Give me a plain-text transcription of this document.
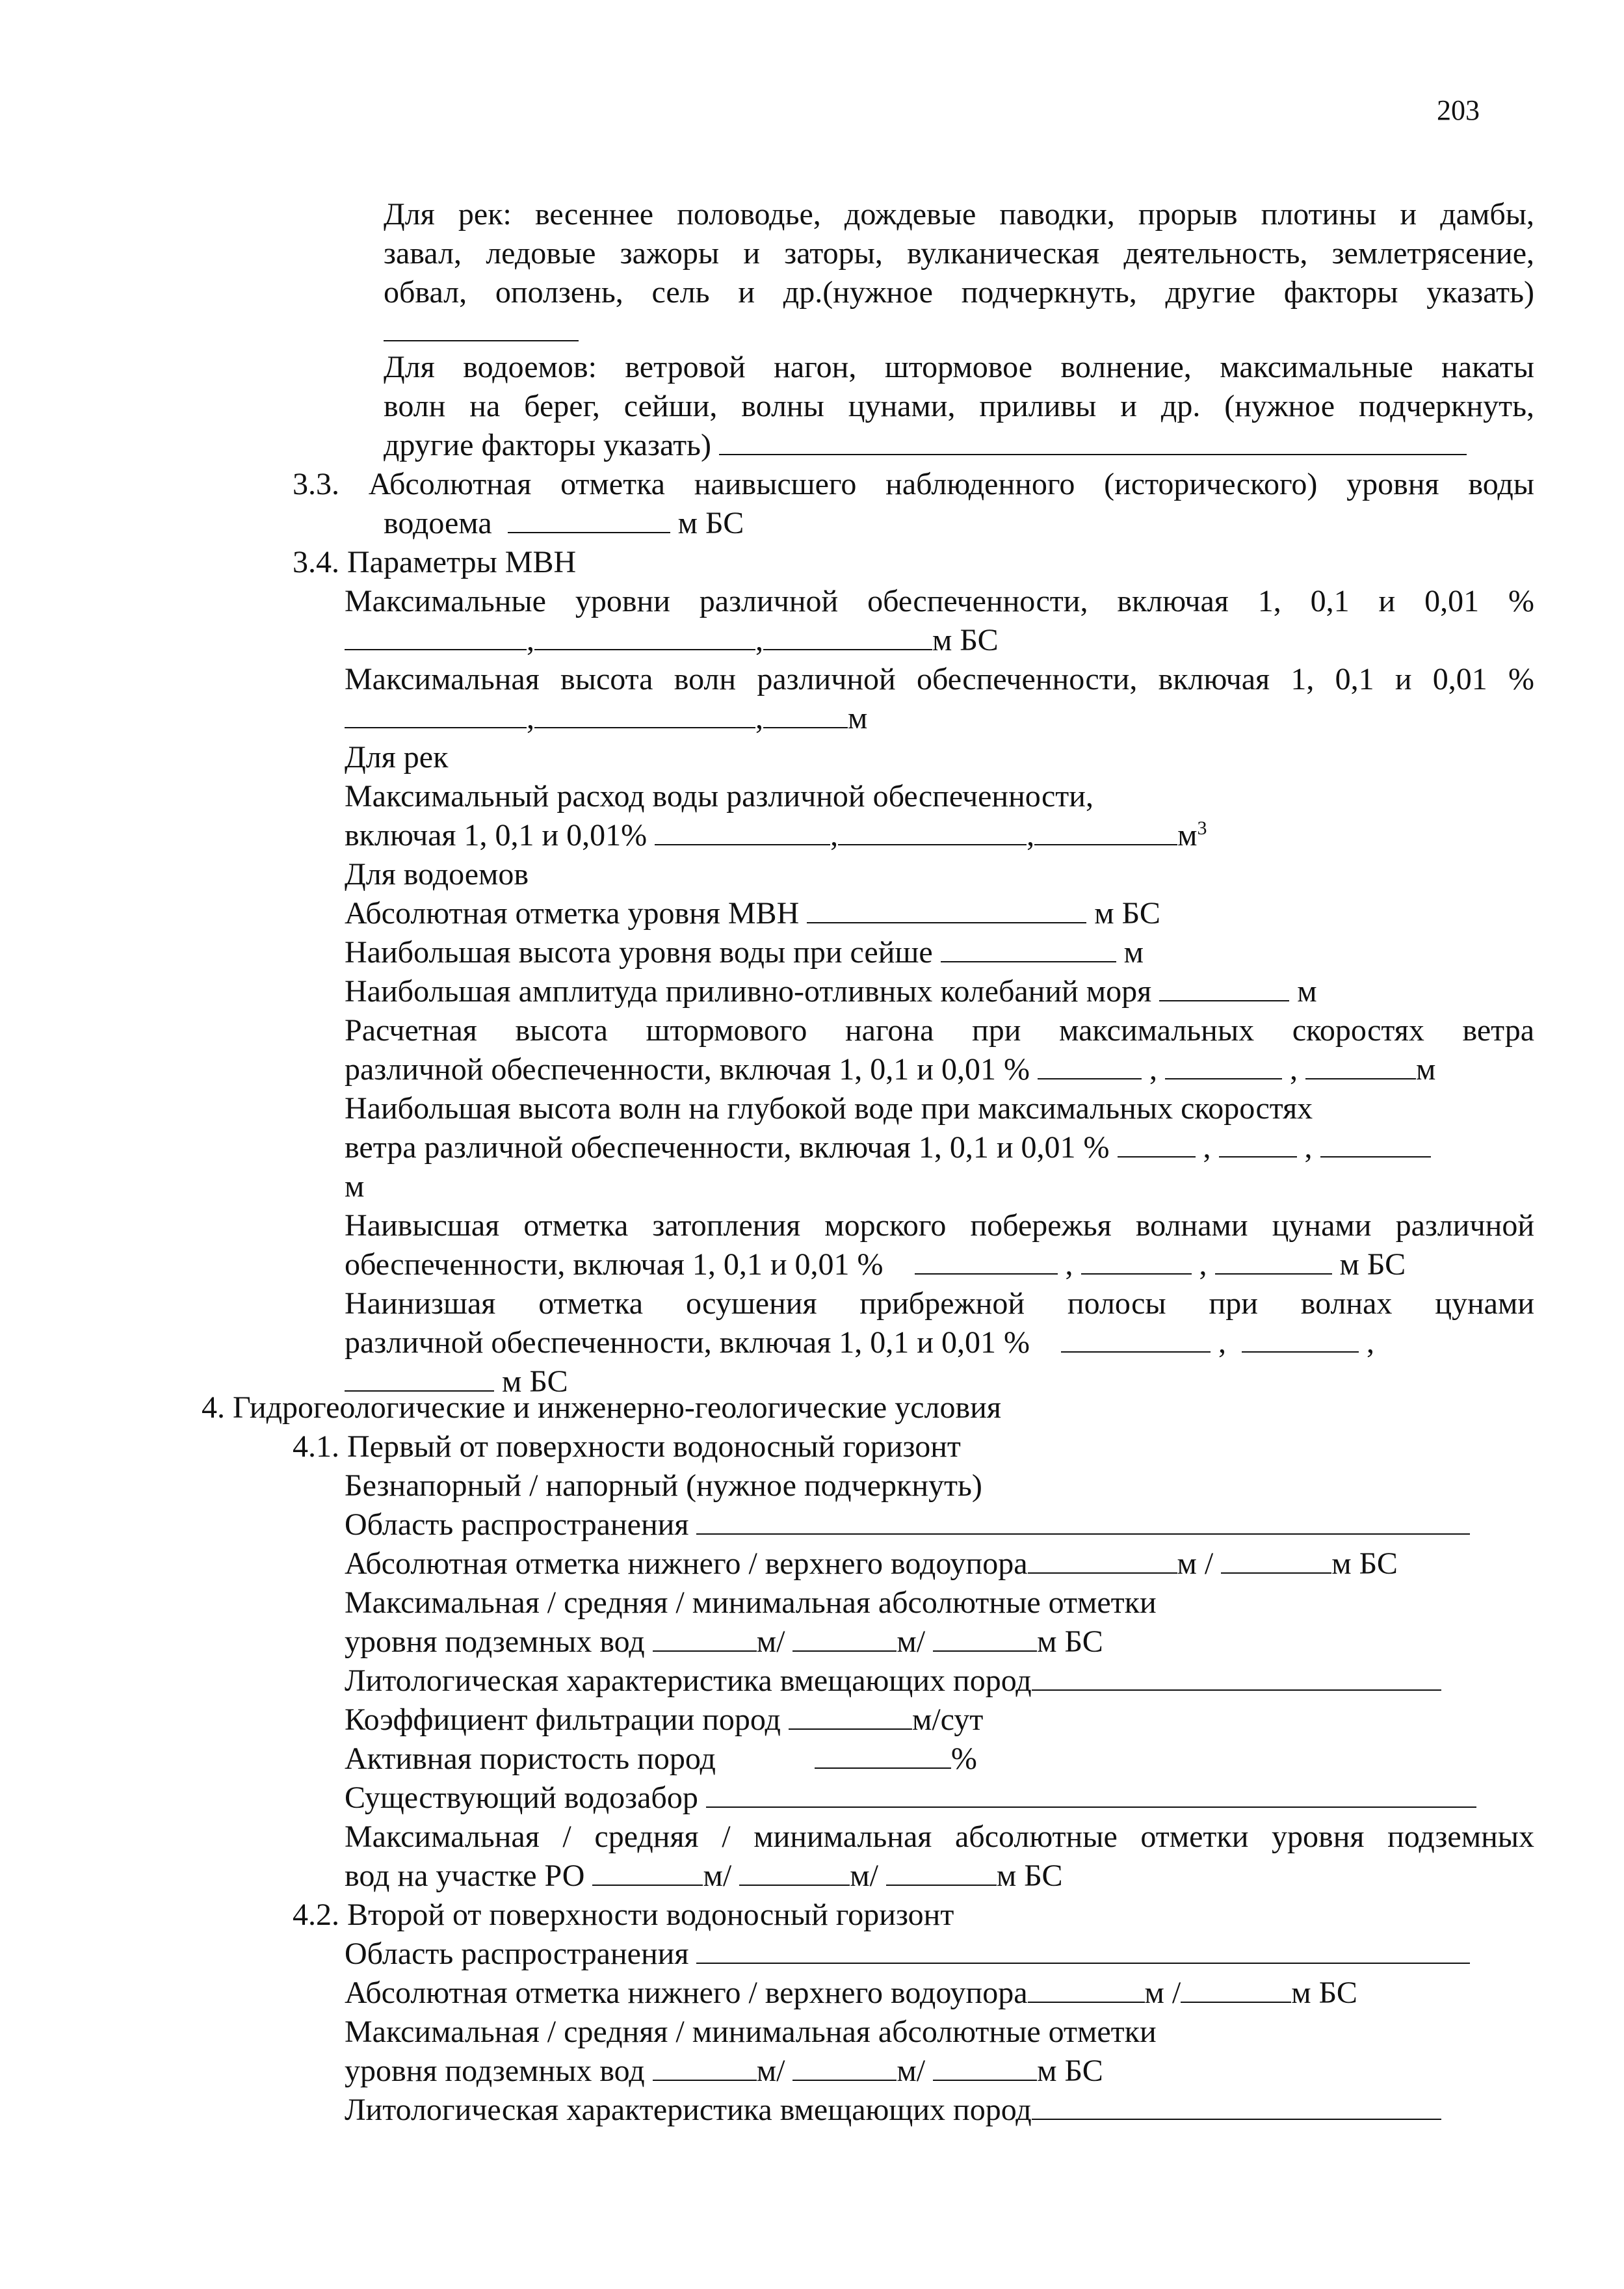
203
Для рек: весеннее половодье, дождевые паводки, прорыв плотины и дамбы,
завал, ледовые зажоры и заторы, вулканическая деятельность, землетрясение,
обвал, оползень, сель и др.(нужное подчеркнуть, другие факторы указать)
Для водоемов: ветровой нагон, штормовое волнение, максимальные накаты
волн на берег, сейши, волны цунами, приливы и др. (нужное подчеркнуть,
другие факторы указать)
3.3. Абсолютная отметка наивысшего наблюденного (исторического) уровня воды
водоема	м БС
3.4. Параметры МВН
Максимальные уровни различной обеспеченности, включая 1, 0,1 и 0,01 %
,	,	м БС
Максимальная высота волн различной обеспеченности, включая 1, 0,1 и 0,01 %
,	,	м
Для рек
Максимальный расход воды различной обеспеченности,
включая 1, 0,1 и 0,01%	,	,	$м^3$
Для водоемов
Абсолютная отметка уровня МВН	м БС
Наибольшая высота уровня воды при сейше	м
Наибольшая амплитуда приливно-отливных колебаний моря	м
Расчетная высота штормового нагона при максимальных скоростях ветра
различной обеспеченности, включая 1, 0,1 и 0,01 %	,	,	м
Наибольшая высота волн на глубокой воде при максимальных скоростях
ветра различной обеспеченности, включая 1, 0,1 и 0,01 %	,	,
м
Наивысшая отметка затопления морского побережья волнами цунами различной
обеспеченности, включая 1, 0,1 и 0,01 %	,	,	м БС
Наинизшая отметка осушения прибрежной полосы при волнах цунами
различной обеспеченности, включая 1, 0,1 и 0,01 %	,	,
м БС
4. Гидрогеологические и инженерно-геологические условия
4.1. Первый от поверхности водоносный горизонт
Безнапорный / напорный (нужное подчеркнуть)
Область распространения
Абсолютная отметка нижнего / верхнего водоупора	м /	м БС
Максимальная / средняя / минимальная абсолютные отметки
уровня подземных вод	м/	м/	м БС
Литологическая характеристика вмещающих пород
Коэффициент фильтрации пород	м/сут
Активная пористость пород	%
Существующий водозабор
Максимальная / средняя / минимальная абсолютные отметки уровня подземных
вод на участке РО	м/	м/	м БС
4.2. Второй от поверхности водоносный горизонт
Область распространения
Абсолютная отметка нижнего / верхнего водоупора	м /	м БС
Максимальная / средняя / минимальная абсолютные отметки
уровня подземных вод	м/	м/	м БС
Литологическая характеристика вмещающих пород
